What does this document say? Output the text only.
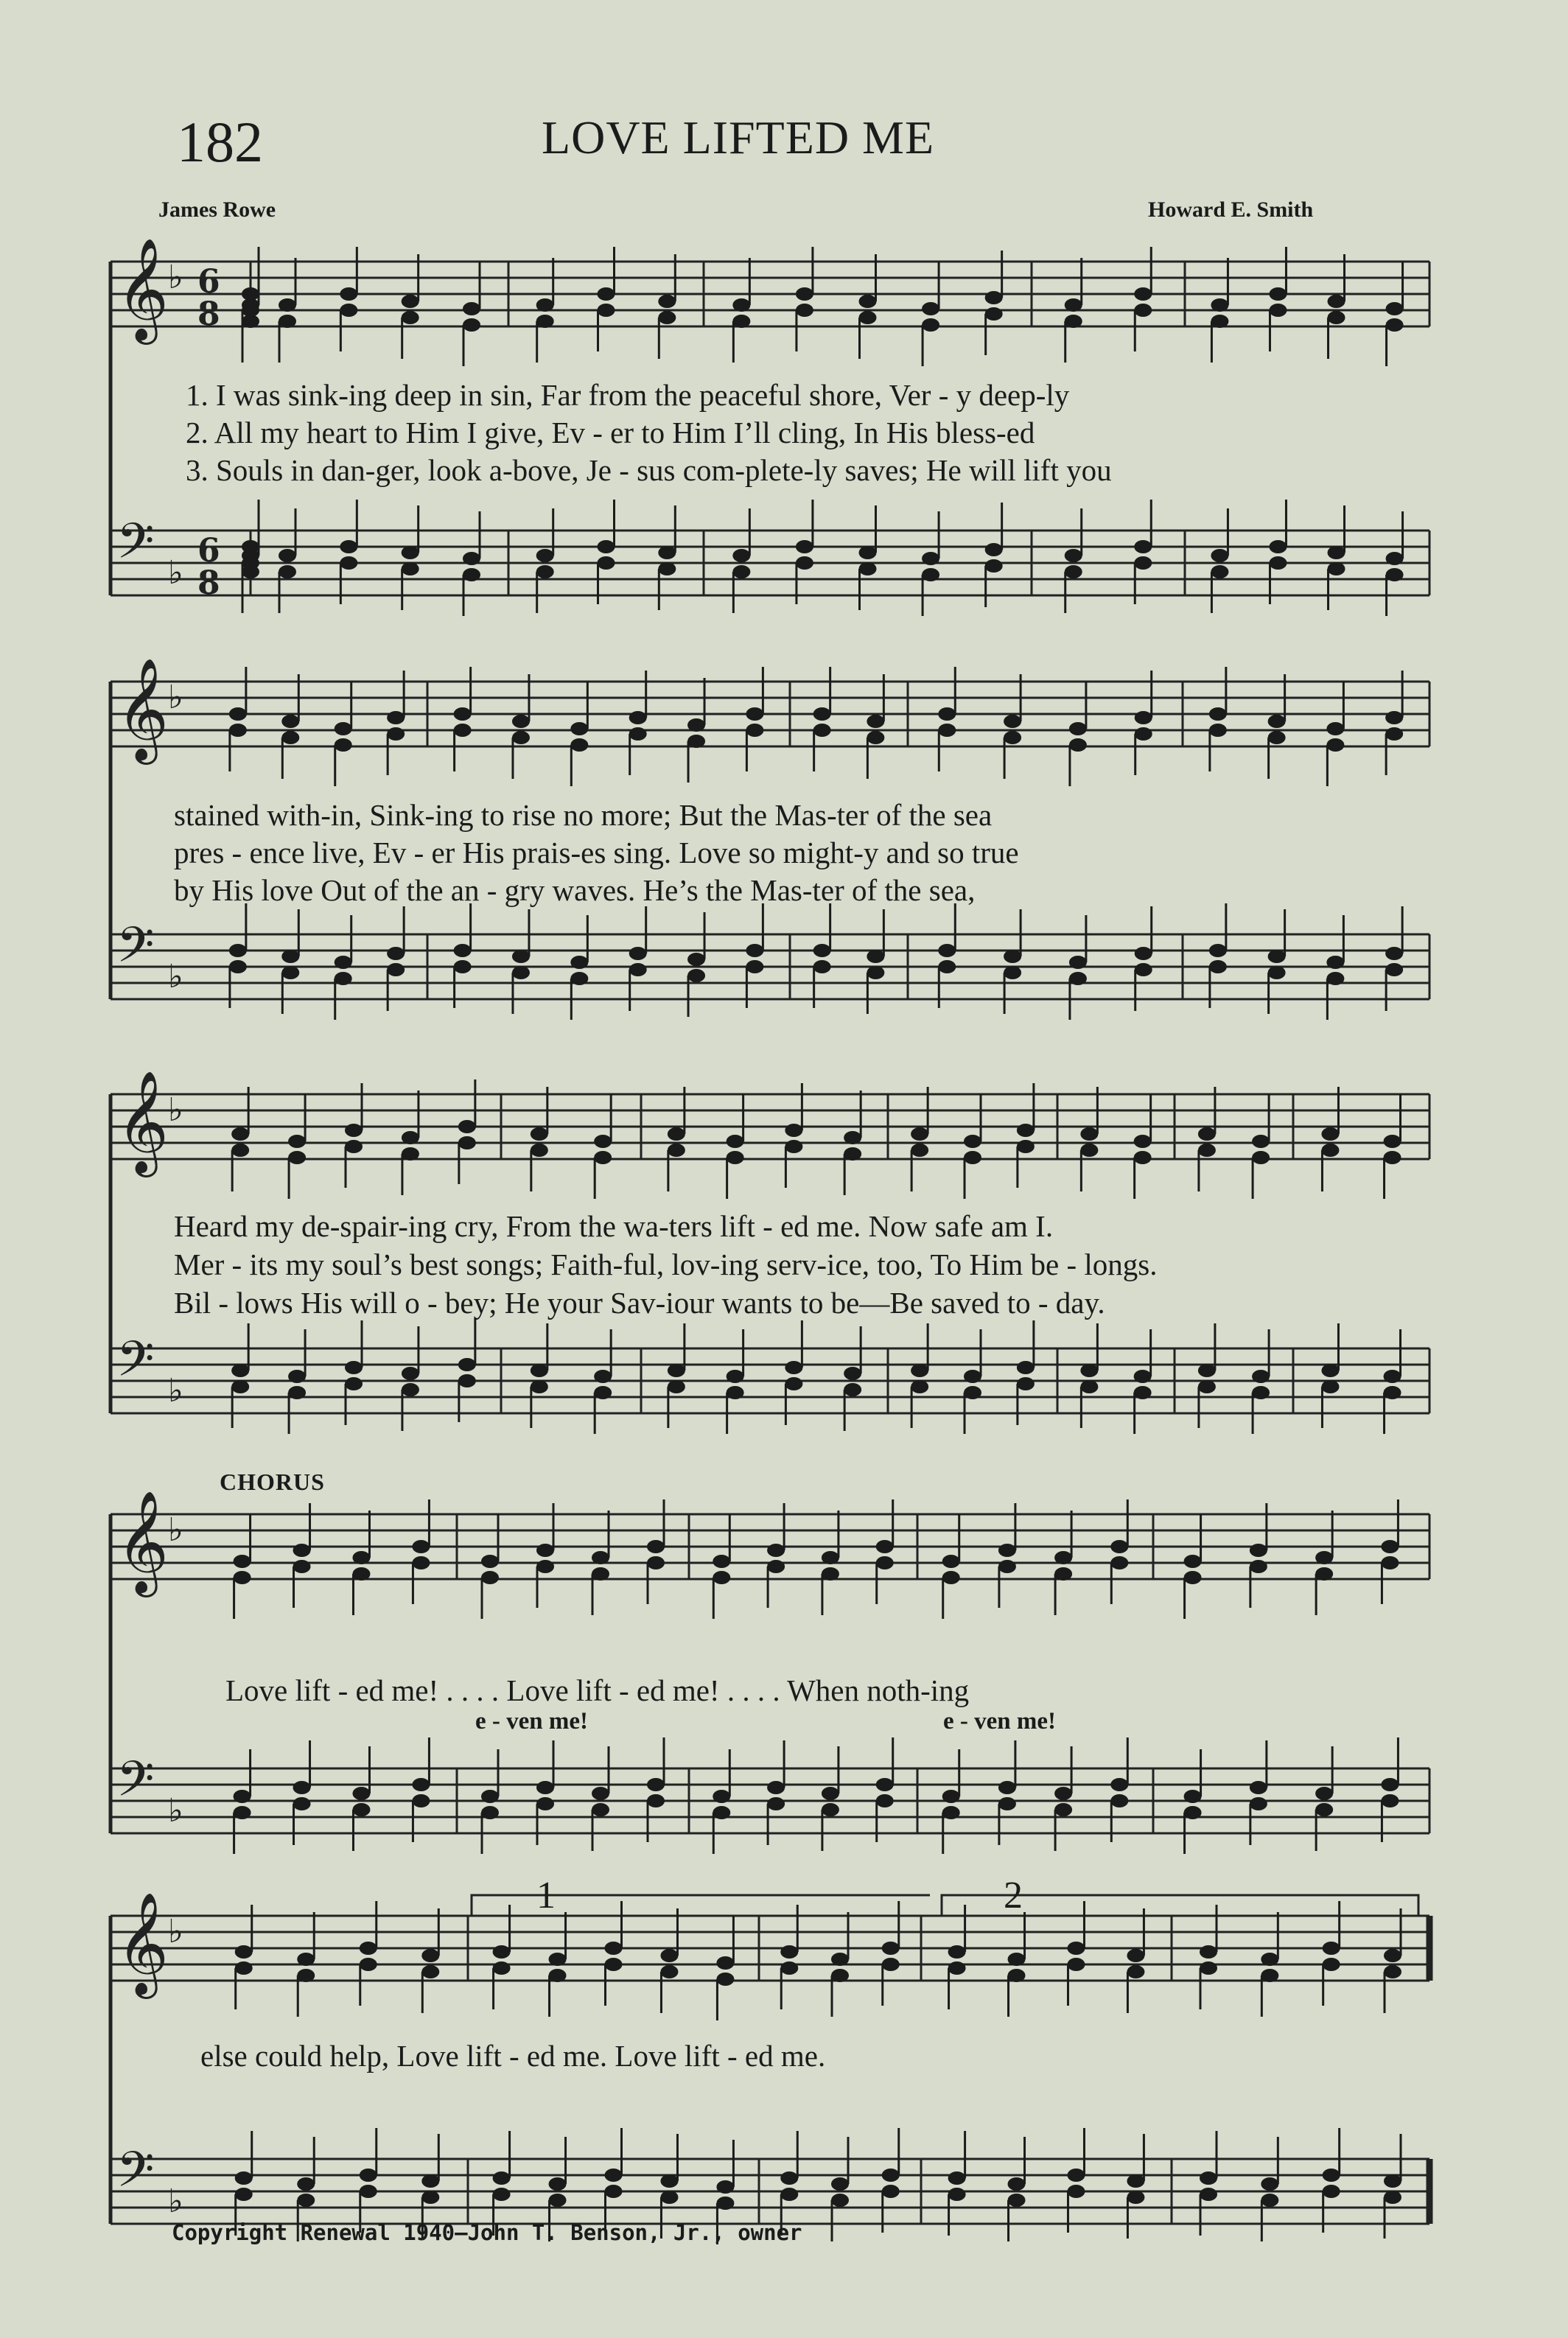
182	LOVE LIFTED ME
James Rowe	Howard E. Smith
𝄞 ♭ 6
8
𝄢 ♭
6
8
𝄞 ♭
𝄢 ♭
𝄞 ♭
𝄢 ♭
𝄞 ♭
𝄢 ♭
𝄞 ♭
𝄢 ♭
1. I was sink-ing deep in sin, Far from the peaceful shore, Ver - y deep-ly
2. All my heart to Him I give, Ev - er to Him I’ll cling, In His bless-ed
3. Souls in dan-ger, look a-bove, Je - sus com-plete-ly saves; He will lift you
stained with-in, Sink-ing to rise no more; But the Mas-ter of the sea
pres - ence live, Ev - er His prais-es sing. Love so might-y and so true
by His love Out of the an - gry waves. He’s the Mas-ter of the sea,
Heard my de-spair-ing cry, From the wa-ters lift - ed me. Now safe am I.
Mer - its my soul’s best songs; Faith-ful, lov-ing serv-ice, too, To Him be - longs.
Bil - lows His will o - bey; He your Sav-iour wants to be—Be saved to - day.
CHORUS
Love lift - ed me! . . . . Love lift - ed me! . . . . When noth-ing
e - ven me!	e - ven me!
else could help, Love lift - ed me. Love lift - ed me.
1	2
Copyright Renewal 1940—John T. Benson, Jr., owner
